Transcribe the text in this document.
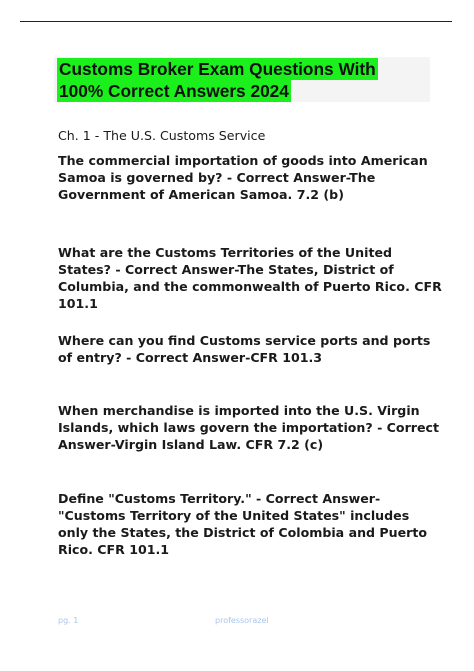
Customs Broker Exam Questions With
100% Correct Answers 2024
Ch. 1 - The U.S. Customs Service
The commercial importation of goods into American Samoa is governed by? - Correct Answer-The Government of American Samoa. 7.2 (b)
What are the Customs Territories of the United States? - Correct Answer-The States, District of Columbia, and the commonwealth of Puerto Rico. CFR 101.1
Where can you find Customs service ports and ports of entry? - Correct Answer-CFR 101.3
When merchandise is imported into the U.S. Virgin Islands, which laws govern the importation? - Correct Answer-Virgin Island Law. CFR 7.2 (c)
Define "Customs Territory." - Correct Answer-"Customs Territory of the United States" includes only the States, the District of Colombia and Puerto Rico. CFR 101.1
pg. 1	professorazel
